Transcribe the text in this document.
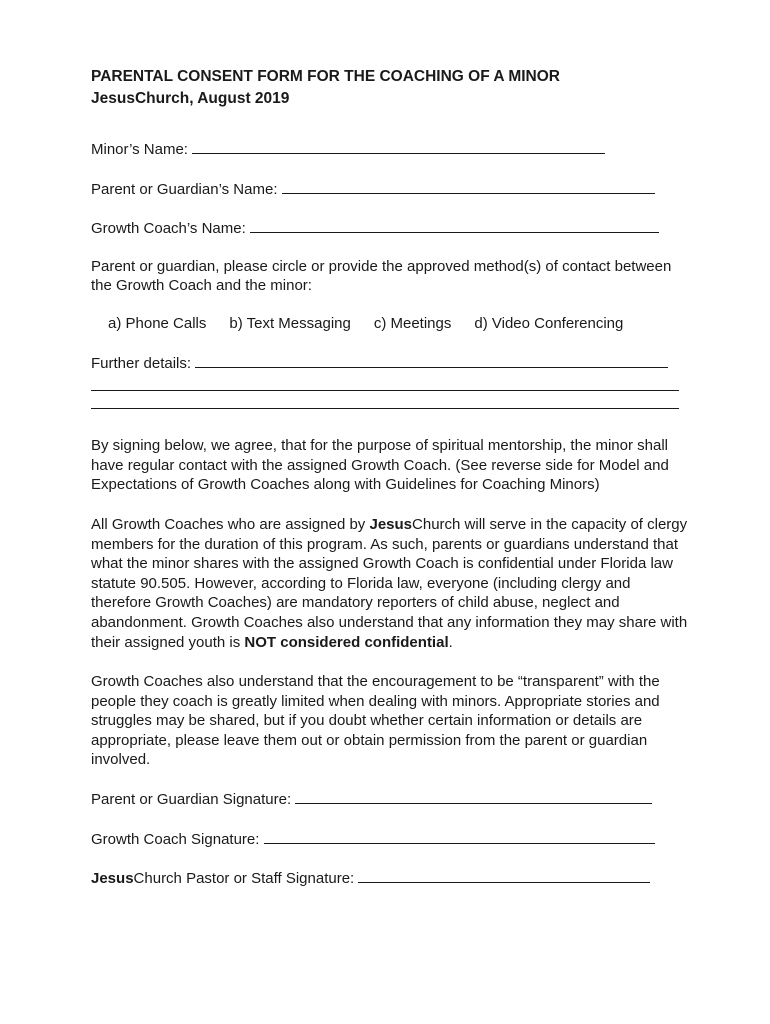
PARENTAL CONSENT FORM FOR THE COACHING OF A MINOR

JesusChurch, August 2019

Minor’s Name:

Parent or Guardian’s Name:

Growth Coach’s Name:

Parent or guardian, please circle or provide the approved method(s) of contact between the Growth Coach and the minor:

a) Phone Calls b) Text Messaging c) Meetings d) Video Conferencing

Further details:

By signing below, we agree, that for the purpose of spiritual mentorship, the minor shall have regular contact with the assigned Growth Coach. (See reverse side for Model and Expectations of Growth Coaches along with Guidelines for Coaching Minors)

All Growth Coaches who are assigned by JesusChurch will serve in the capacity of clergy members for the duration of this program. As such, parents or guardians understand that what the minor shares with the assigned Growth Coach is confidential under Florida law statute 90.505. However, according to Florida law, everyone (including clergy and therefore Growth Coaches) are mandatory reporters of child abuse, neglect and abandonment. Growth Coaches also understand that any information they may share with their assigned youth is NOT considered confidential.

Growth Coaches also understand that the encouragement to be “transparent” with the people they coach is greatly limited when dealing with minors. Appropriate stories and struggles may be shared, but if you doubt whether certain information or details are appropriate, please leave them out or obtain permission from the parent or guardian involved.

Parent or Guardian Signature:

Growth Coach Signature:

JesusChurch Pastor or Staff Signature:
